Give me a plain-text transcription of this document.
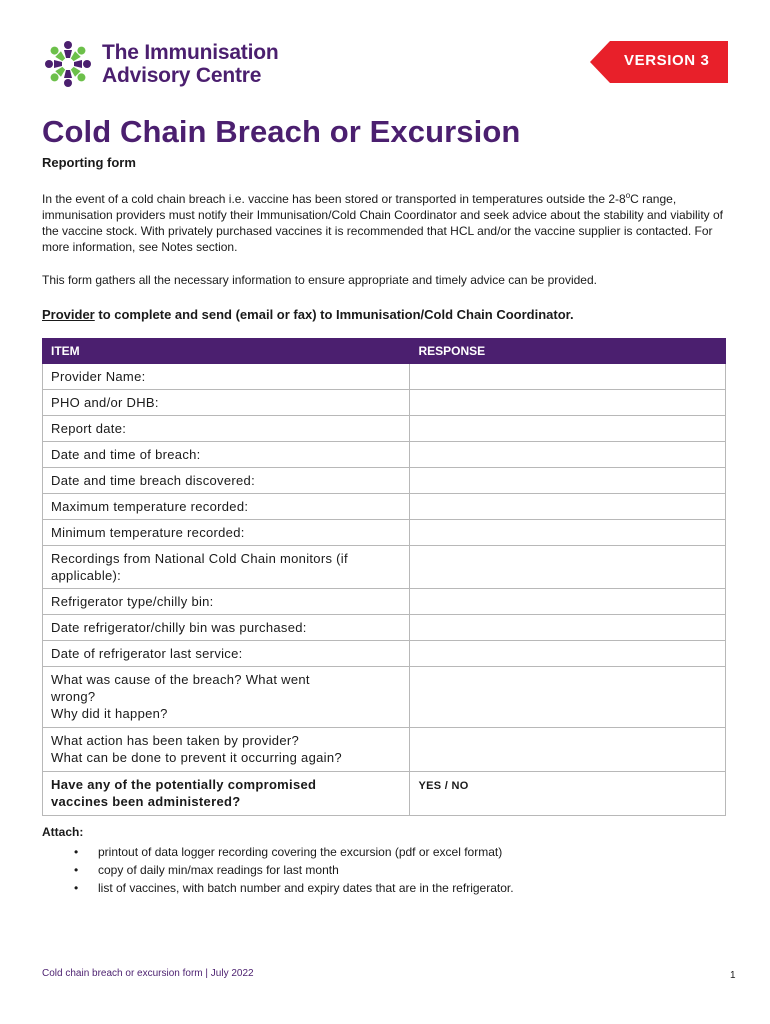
The Immunisation
Advisory Centre
VERSION 3
Cold Chain Breach or Excursion
Reporting form
In the event of a cold chain breach i.e. vaccine has been stored or transported in temperatures outside the 2-8$^o$C range, immunisation providers must notify their Immunisation/Cold Chain Coordinator and seek advice about the stability and viability of the vaccine stock. With privately purchased vaccines it is recommended that HCL and/or the vaccine supplier is contacted. For more information, see Notes section.
This form gathers all the necessary information to ensure appropriate and timely advice can be provided.
Provider to complete and send (email or fax) to Immunisation/Cold Chain Coordinator.
ITEM	RESPONSE

Provider Name:	

PHO and/or DHB:	

Report date:	

Date and time of breach:	

Date and time breach discovered:	

Maximum temperature recorded:	

Minimum temperature recorded:	

Recordings from National Cold Chain monitors (if
applicable):	

Refrigerator type/chilly bin:	

Date refrigerator/chilly bin was purchased:	

Date of refrigerator last service:	

What was cause of the breach? What went
wrong?
Why did it happen?	

What action has been taken by provider?
What can be done to prevent it occurring again?	

Have any of the potentially compromised
vaccines been administered?	YES / NO
Attach:
• printout of data logger recording covering the excursion (pdf or excel format)
• copy of daily min/max readings for last month
• list of vaccines, with batch number and expiry dates that are in the refrigerator.
Cold chain breach or excursion form | July 2022	1
